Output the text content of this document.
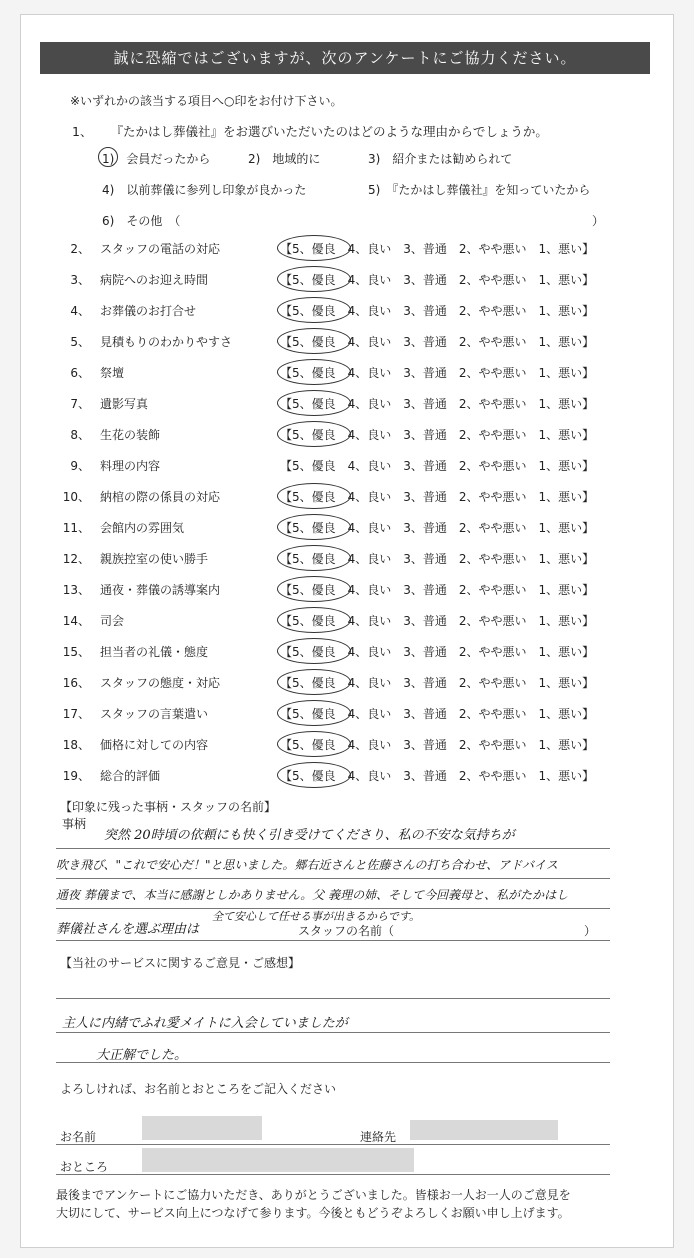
誠に恐縮ではございますが、次のアンケートにご協力ください。
※いずれかの該当する項目へ○印をお付け下さい。
1、 『たかはし葬儀社』をお選びいただいたのはどのような理由からでしょうか。
1)　 会員だったから	2)　 地域的に	3)　 紹介または勧められて
4)　 以前葬儀に参列し印象が良かった	5)　 『たかはし葬儀社』を知っていたから
6)　 その他　（	）
2、 スタッフの電話の対応	【5、優良　4、良い　3、普通　2、やや悪い　1、悪い】
3、 病院へのお迎え時間	【5、優良　4、良い　3、普通　2、やや悪い　1、悪い】
4、 お葬儀のお打合せ	【5、優良　4、良い　3、普通　2、やや悪い　1、悪い】
5、 見積もりのわかりやすさ	【5、優良　4、良い　3、普通　2、やや悪い　1、悪い】
6、 祭壇	【5、優良　4、良い　3、普通　2、やや悪い　1、悪い】
7、 遺影写真	【5、優良　4、良い　3、普通　2、やや悪い　1、悪い】
8、 生花の装飾	【5、優良　4、良い　3、普通　2、やや悪い　1、悪い】
9、 料理の内容	【5、優良　4、良い　3、普通　2、やや悪い　1、悪い】
10、 納棺の際の係員の対応	【5、優良　4、良い　3、普通　2、やや悪い　1、悪い】
11、 会館内の雰囲気	【5、優良　4、良い　3、普通　2、やや悪い　1、悪い】
12、 親族控室の使い勝手	【5、優良　4、良い　3、普通　2、やや悪い　1、悪い】
13、 通夜・葬儀の誘導案内	【5、優良　4、良い　3、普通　2、やや悪い　1、悪い】
14、 司会	【5、優良　4、良い　3、普通　2、やや悪い　1、悪い】
15、 担当者の礼儀・態度	【5、優良　4、良い　3、普通　2、やや悪い　1、悪い】
16、 スタッフの態度・対応	【5、優良　4、良い　3、普通　2、やや悪い　1、悪い】
17、 スタッフの言葉遣い	【5、優良　4、良い　3、普通　2、やや悪い　1、悪い】
18、 価格に対しての内容	【5、優良　4、良い　3、普通　2、やや悪い　1、悪い】
19、 総合的評価	【5、優良　4、良い　3、普通　2、やや悪い　1、悪い】
【印象に残った事柄・スタッフの名前】
事柄
突然 20時頃の依頼にも快く引き受けてくださり、私の不安な気持ちが
吹き飛び、"これで安心だ！"と思いました。郷右近さんと佐藤さんの打ち合わせ、アドバイス
通夜 葬儀まで、本当に感謝としかありません。父 義理の姉、そして今回義母と、私がたかはし
葬儀社さんを選ぶ理由は
全て安心して任せる事が出きるからです。
スタッフの名前（	）
【当社のサービスに関するご意見・ご感想】
主人に内緒でふれ愛メイトに入会していましたが
大正解でした。
よろしければ、お名前とおところをご記入ください
お名前	連絡先
おところ
最後までアンケートにご協力いただき、ありがとうございました。皆様お一人お一人のご意見を
大切にして、サービス向上につなげて参ります。今後ともどうぞよろしくお願い申し上げます。
